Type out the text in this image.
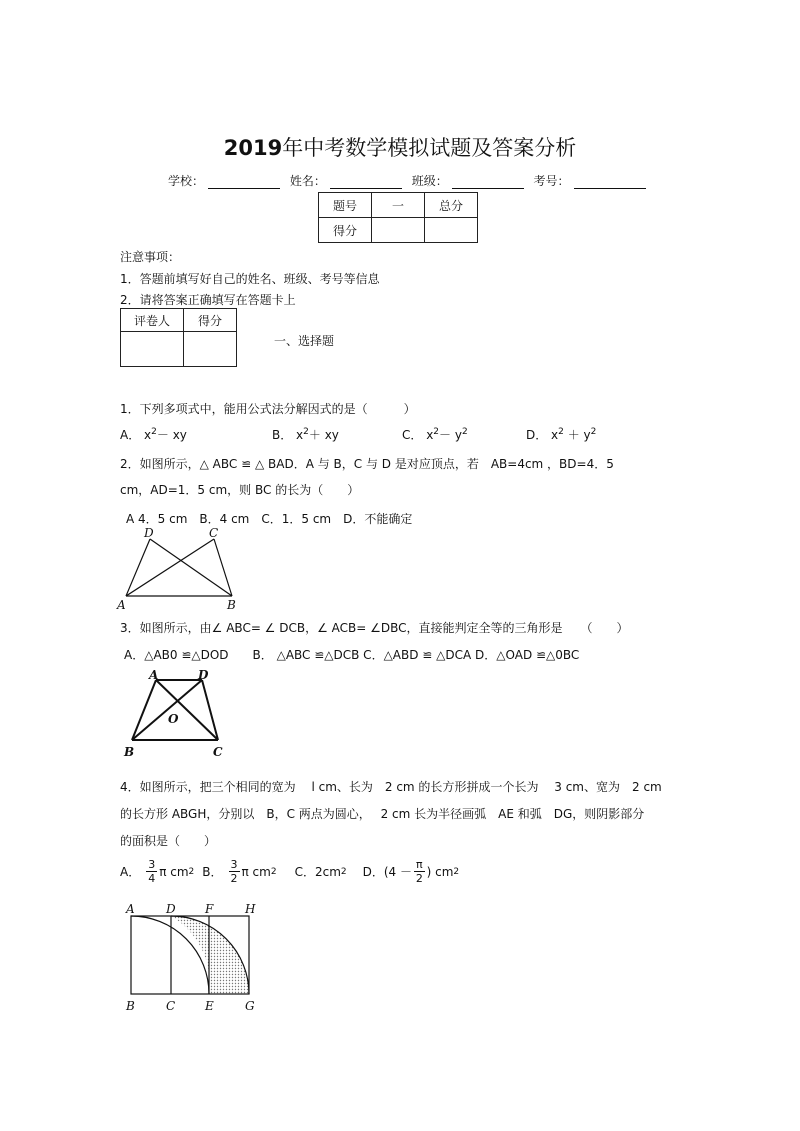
2019年中考数学模拟试题及答案分析
学校：	姓名：	班级：	考号：
题号	一	总分
得分		
注意事项：
1．答题前填写好自己的姓名、班级、考号等信息
2．请将答案正确填写在答题卡上
评卷人	得分

一、选择题
1．下列多项式中，能用公式法分解因式的是（　　　）
A． $x^2-$ xy	B． $x^2+$ xy	C． $x^2- y^2$	D． $x^2 + y^2$
2．如图所示，△ ABC ≌ △ BAD．A 与 B，C 与 D 是对应顶点，若　AB=4cm ，BD=4．5
cm，AD=1．5 cm，则 BC 的长为（　　）
A 4．5 cm　B．4 cm　C．1．5 cm　D．不能确定
A	B
C
D
3．如图所示，由∠ ABC= ∠ DCB，∠ ACB= ∠DBC，直接能判定全等的三角形是　　（　　）
A．△AB0 ≌△DOD　　B． △ABC ≌△DCB C．△ABD ≌ △DCA D．△OAD ≌△0BC
A	D
B	C
O
4．如图所示，把三个相同的宽为　 l cm、长为　2 cm 的长方形拼成一个长为　 3 cm、宽为　2 cm
的长方形 ABGH，分别以　B，C 两点为圆心，　 2 cm 长为半径画弧　AE 和弧　DG，则阴影部分
的面积是（　　）
A． $\frac{3}{4}$ π cm 2 B． $\frac{3}{2}$ π cm 2 C．2cm 2 D．($4 - \frac{\pi}{2}$ ) cm 2
A	D F	H
B	C E	G
